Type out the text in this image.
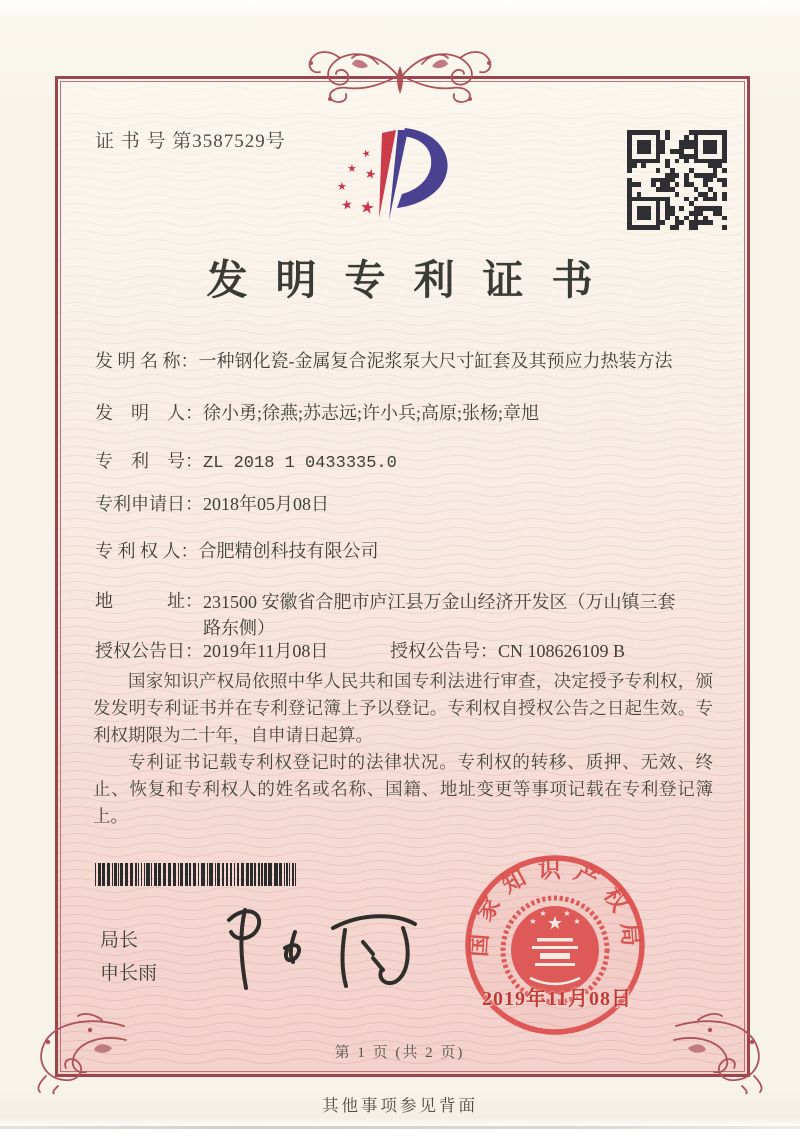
证 书 号 第3587529号
★
★ ★
★
★ ★
发明专利证书
发 明 名 称：一种钢化瓷-金属复合泥浆泵大尺寸缸套及其预应力热装方法
发　明　人：徐小勇;徐燕;苏志远;许小兵;高原;张杨;章旭
专　利　号：ZL 2018 1 0433335.0
专利申请日：2018年05月08日
专 利 权 人：合肥精创科技有限公司
地　　　址：231500 安徽省合肥市庐江县万金山经济开发区（万山镇三套路东侧）
授权公告日：2019年11月08日	授权公告号：CN 108626109 B

国家知识产权局依照中华人民共和国专利法进行审查，决定授予专利权，颁发发明专利证书并在专利登记簿上予以登记。专利权自授权公告之日起生效。专利权期限为二十年，自申请日起算。

专利证书记载专利权登记时的法律状况。专利权的转移、质押、无效、终止、恢复和专利权人的姓名或名称、国籍、地址变更等事项记载在专利登记簿上。

局长
申长雨
国家知识产权局
★
★
★ ★
★
2019年11月08日
第 1 页 (共 2 页)
其他事项参见背面
